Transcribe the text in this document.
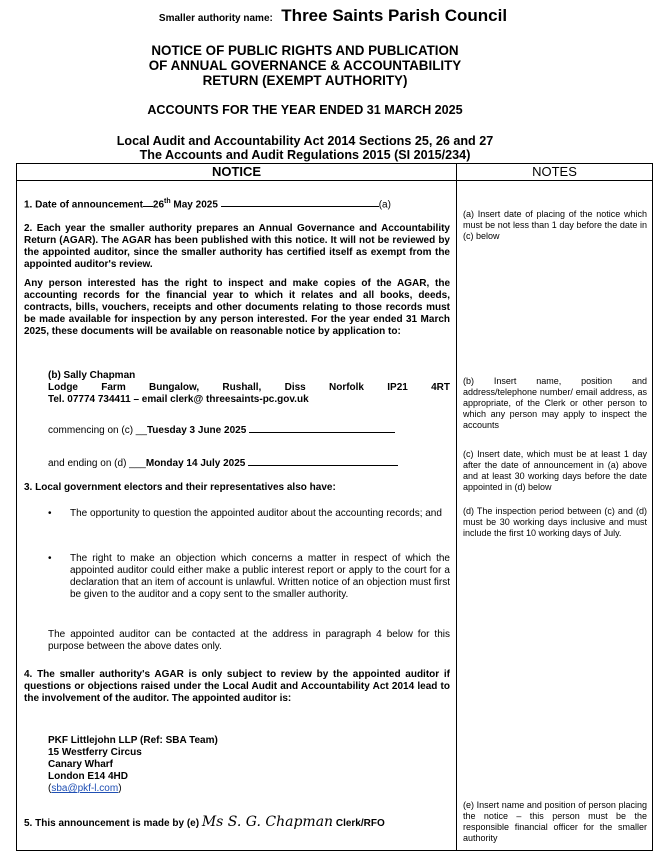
Smaller authority name: Three Saints Parish Council
NOTICE OF PUBLIC RIGHTS AND PUBLICATION
OF ANNUAL GOVERNANCE & ACCOUNTABILITY
RETURN (EXEMPT AUTHORITY)
ACCOUNTS FOR THE YEAR ENDED 31 MARCH 2025
Local Audit and Accountability Act 2014 Sections 25, 26 and 27
The Accounts and Audit Regulations 2015 (SI 2015/234)
NOTICE	NOTES

1. Date of announcement 26th May 2025	(a)
2. Each year the smaller authority prepares an Annual Governance and Accountability Return (AGAR). The AGAR has been published with this notice. It will not be reviewed by the appointed auditor, since the smaller authority has certified itself as exempt from the appointed auditor's review.
Any person interested has the right to inspect and make copies of the AGAR, the accounting records for the financial year to which it relates and all books, deeds, contracts, bills, vouchers, receipts and other documents relating to those records must be made available for inspection by any person interested. For the year ended 31 March 2025, these documents will be available on reasonable notice by application to:
(b) Sally Chapman
Lodge Farm Bungalow, Rushall, Diss Norfolk IP21 4RT
Tel. 07774 734411 – email clerk@ threesaints-pc.gov.uk
commencing on (c) __Tuesday 3 June 2025
and ending on (d) ___Monday 14 July 2025
3. Local government electors and their representatives also have:
• The opportunity to question the appointed auditor about the accounting records; and
• The right to make an objection which concerns a matter in respect of which the appointed auditor could either make a public interest report or apply to the court for a declaration that an item of account is unlawful. Written notice of an objection must first be given to the auditor and a copy sent to the smaller authority.
The appointed auditor can be contacted at the address in paragraph 4 below for this purpose between the above dates only.
4. The smaller authority's AGAR is only subject to review by the appointed auditor if questions or objections raised under the Local Audit and Accountability Act 2014 lead to the involvement of the auditor. The appointed auditor is:
PKF Littlejohn LLP (Ref: SBA Team)
15 Westferry Circus
Canary Wharf
London E14 4HD
(sba@pkf-l.com)
5. This announcement is made by (e) Ms S. G. Chapman Clerk/RFO
(a) Insert date of placing of the notice which must be not less than 1 day before the date in (c) below
(b) Insert name, position and address/telephone number/ email address, as appropriate, of the Clerk or other person to which any person may apply to inspect the accounts
(c) Insert date, which must be at least 1 day after the date of announcement in (a) above and at least 30 working days before the date appointed in (d) below
(d) The inspection period between (c) and (d) must be 30 working days inclusive and must include the first 10 working days of July.
(e) Insert name and position of person placing the notice – this person must be the responsible financial officer for the smaller authority
